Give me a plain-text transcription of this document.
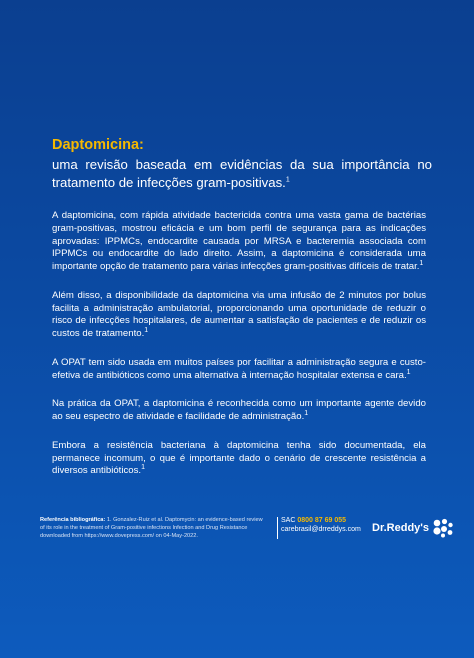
Daptomicina:

uma revisão baseada em evidências da sua importância no tratamento de infecções gram-positivas.$^1$

A daptomicina, com rápida atividade bactericida contra uma vasta gama de bactérias gram-positivas, mostrou eficácia e um bom perfil de segurança para as indicações aprovadas: IPPMCs, endocardite causada por MRSA e bacteremia associada com IPPMCs ou endocardite do lado direito. Assim, a daptomicina é considerada uma importante opção de tratamento para várias infecções gram-positivas difíceis de tratar.$^1$

Além disso, a disponibilidade da daptomicina via uma infusão de 2 minutos por bolus facilita a administração ambulatorial, proporcionando uma oportunidade de reduzir o risco de infecções hospitalares, de aumentar a satisfação de pacientes e de reduzir os custos de tratamento.$^1$

A OPAT tem sido usada em muitos países por facilitar a administração segura e custo-efetiva de antibióticos como uma alternativa à internação hospitalar extensa e cara.$^1$

Na prática da OPAT, a daptomicina é reconhecida como um importante agente devido ao seu espectro de atividade e facilidade de administração.$^1$

Embora a resistência bacteriana à daptomicina tenha sido documentada, ela permanece incomum, o que é importante dado o cenário de crescente resistência a diversos antibióticos.$^1$

Referência bibliográfica: 1. Gonzalez-Ruiz et al. Daptomycin: an evidence-based review of its role in the treatment of Gram-positive infections Infection and Drug Resistance downloaded from https://www.dovepress.com/ on 04-May-2022.
SAC 0800 87 69 055
carebrasil@drreddys.com Dr.Reddy's
